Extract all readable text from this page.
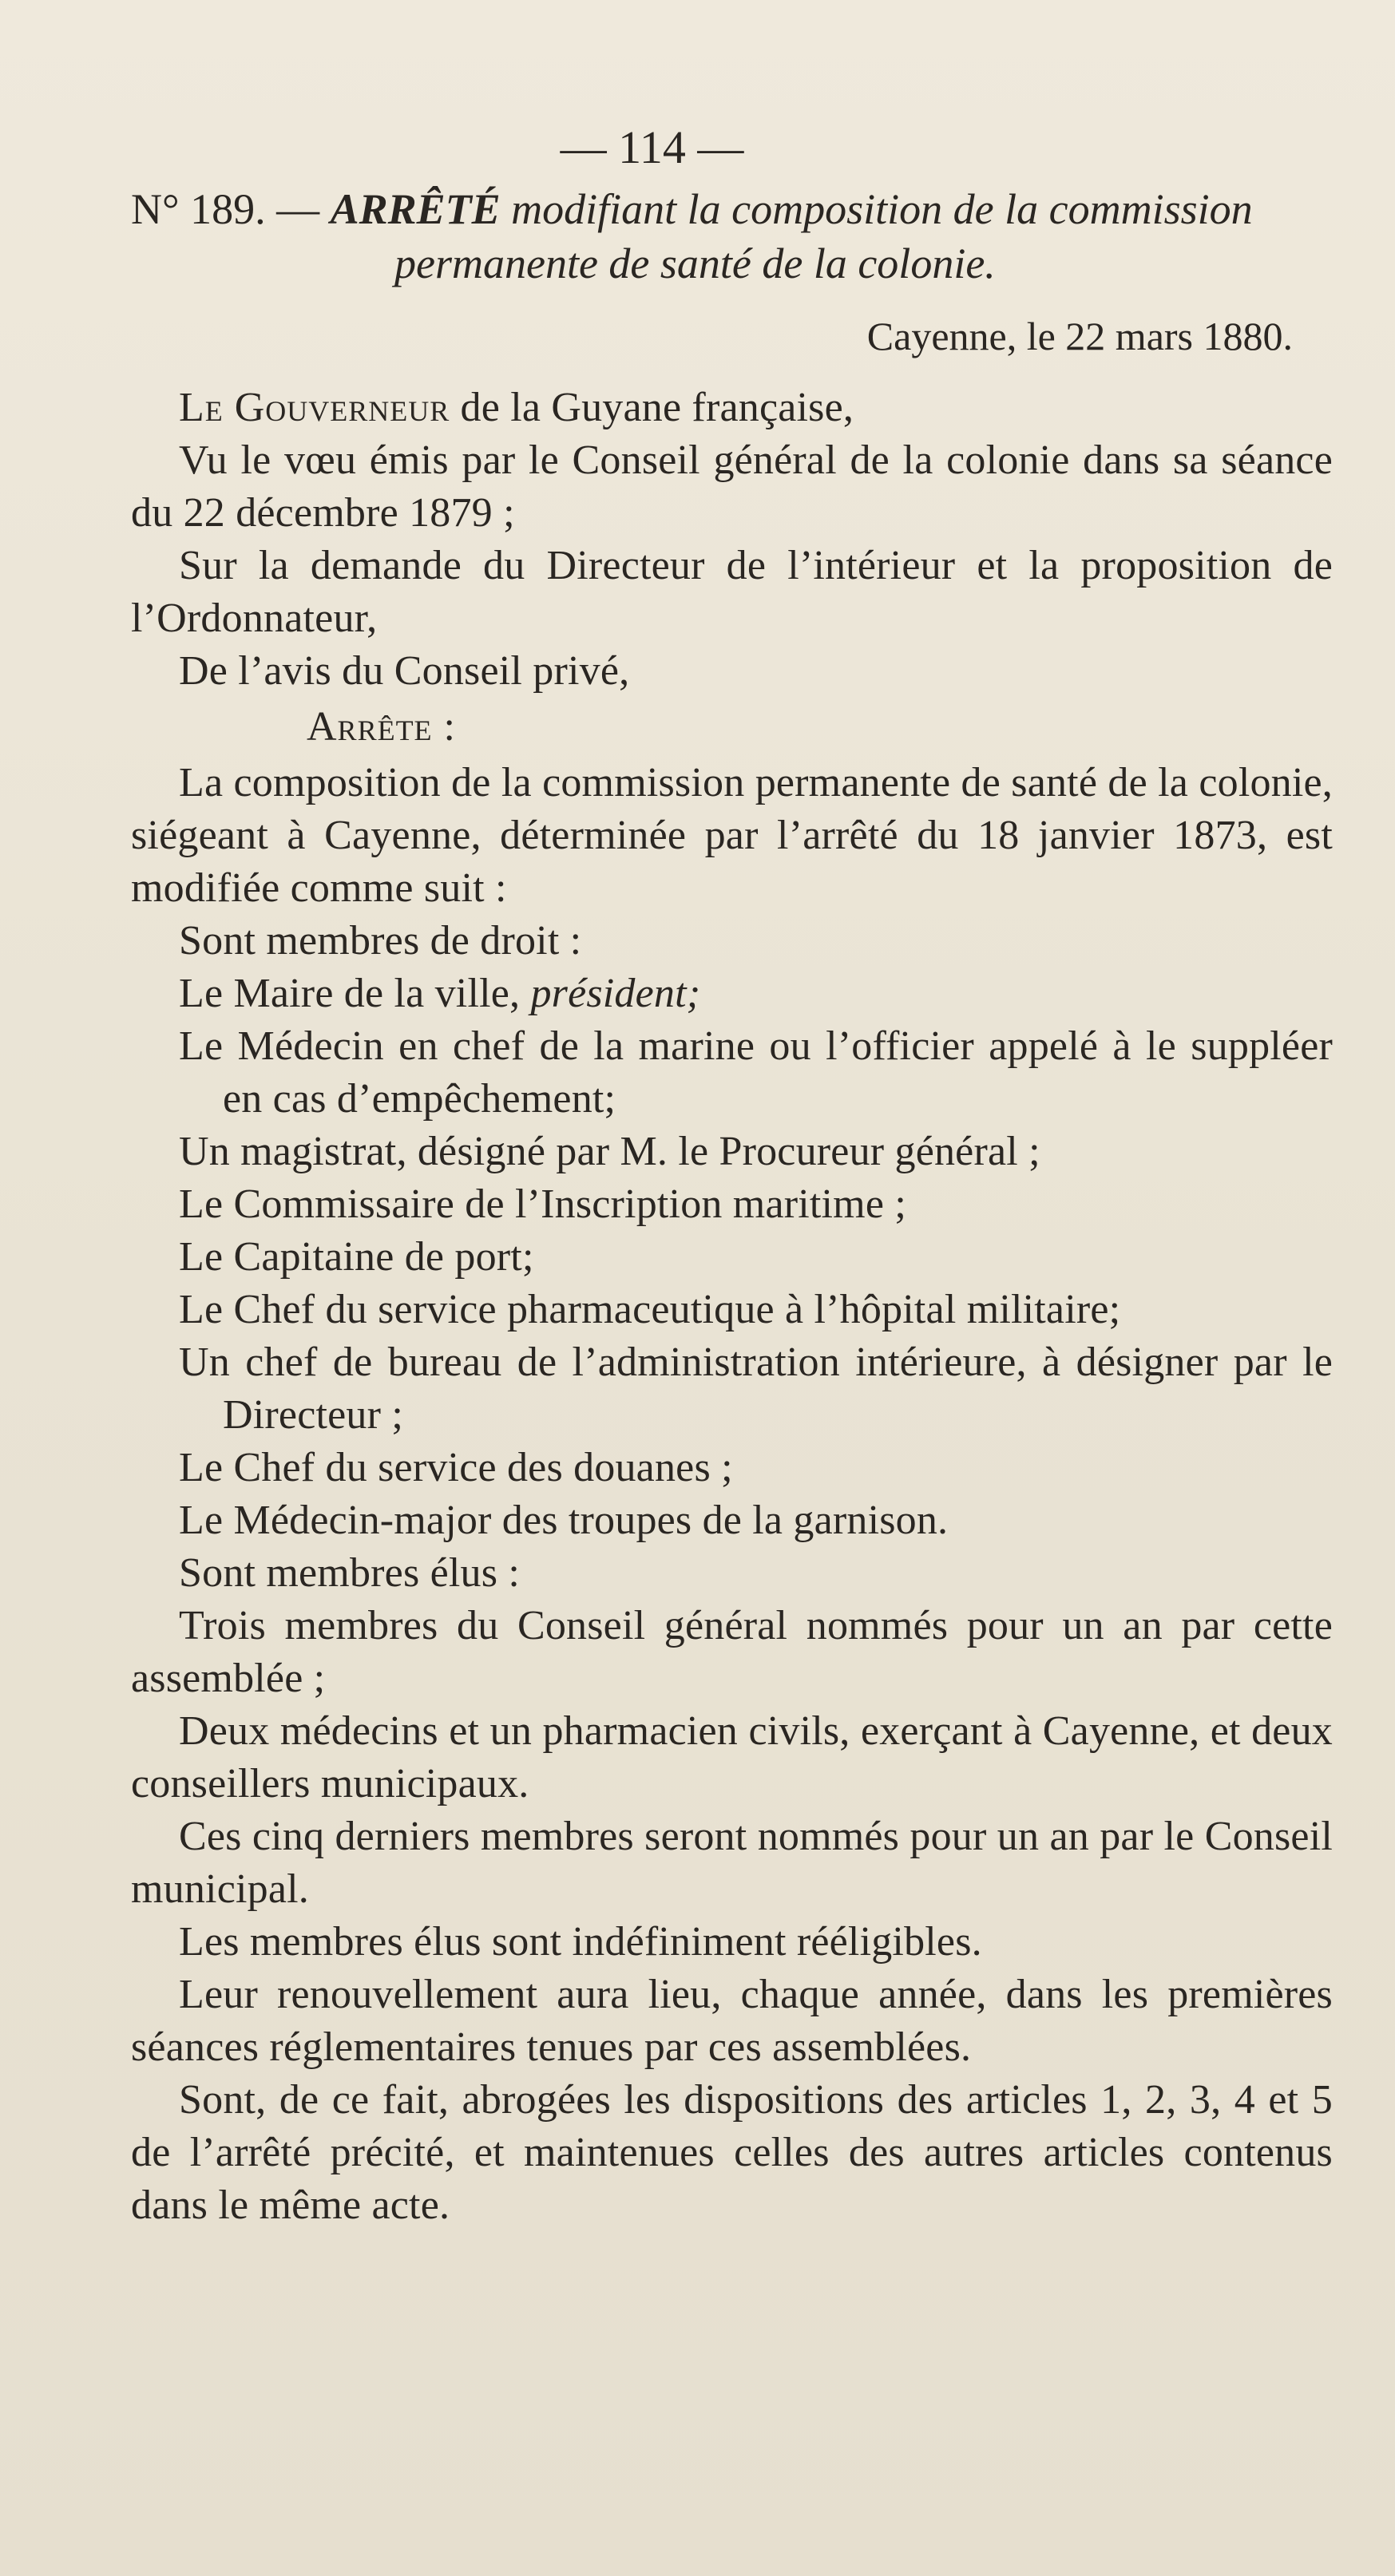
— 114 —

N° 189. — ARRÊTÉ modifiant la composition de la commission permanente de santé de la colonie.

Cayenne, le 22 mars 1880.

Le Gouverneur de la Guyane française,

Vu le vœu émis par le Conseil général de la colonie dans sa séance du 22 décembre 1879 ;

Sur la demande du Directeur de l’intérieur et la proposition de l’Ordonnateur,

De l’avis du Conseil privé,

Arrête :

La composition de la commission permanente de santé de la colonie, siégeant à Cayenne, déterminée par l’arrêté du 18 janvier 1873, est modifiée comme suit :

Sont membres de droit :

Le Maire de la ville, président;

Le Médecin en chef de la marine ou l’officier appelé à le suppléer en cas d’empêchement;

Un magistrat, désigné par M. le Procureur général ;

Le Commissaire de l’Inscription maritime ;

Le Capitaine de port;

Le Chef du service pharmaceutique à l’hôpital militaire;

Un chef de bureau de l’administration intérieure, à désigner par le Directeur ;

Le Chef du service des douanes ;

Le Médecin-major des troupes de la garnison.

Sont membres élus :

Trois membres du Conseil général nommés pour un an par cette assemblée ;

Deux médecins et un pharmacien civils, exerçant à Cayenne, et deux conseillers municipaux.

Ces cinq derniers membres seront nommés pour un an par le Conseil municipal.

Les membres élus sont indéfiniment rééligibles.

Leur renouvellement aura lieu, chaque année, dans les premières séances réglementaires tenues par ces assemblées.

Sont, de ce fait, abrogées les dispositions des articles 1, 2, 3, 4 et 5 de l’arrêté précité, et maintenues celles des autres articles contenus dans le même acte.
